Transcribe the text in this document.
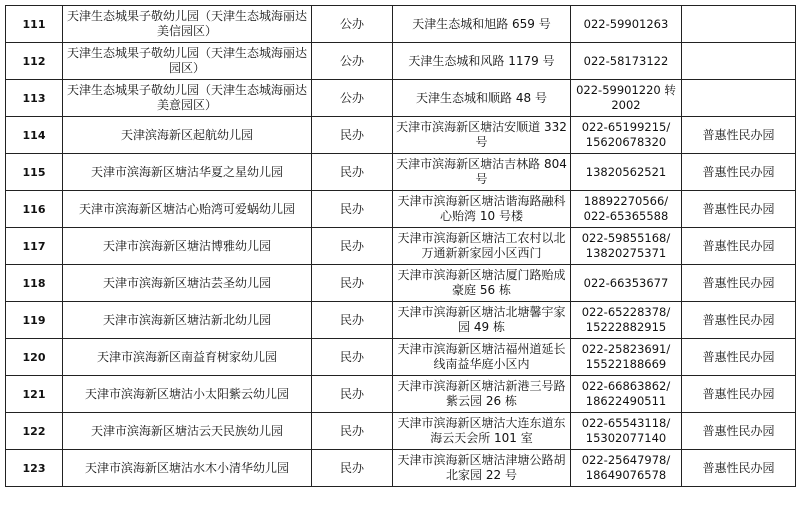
111	天津生态城果子敬幼儿园（天津生态城海丽达美信园区）	公办	天津生态城和旭路 659 号	022-59901263	
112	天津生态城果子敬幼儿园（天津生态城海丽达园区）	公办	天津生态城和风路 1179 号	022-58173122	
113	天津生态城果子敬幼儿园（天津生态城海丽达美意园区）	公办	天津生态城和顺路 48 号	022-59901220 转 2002	
114	天津滨海新区起航幼儿园	民办	天津市滨海新区塘沽安顺道 332 号	022-65199215/ 15620678320	普惠性民办园
115	天津市滨海新区塘沽华夏之星幼儿园	民办	天津市滨海新区塘沽吉林路 804 号	13820562521	普惠性民办园
116	天津市滨海新区塘沽心贻湾可爱蜗幼儿园	民办	天津市滨海新区塘沽谐海路融科心贻湾 10 号楼	18892270566/ 022-65365588	普惠性民办园
117	天津市滨海新区塘沽博雅幼儿园	民办	天津市滨海新区塘沽工农村以北万通新新家园小区西门	022-59855168/ 13820275371	普惠性民办园
118	天津市滨海新区塘沽芸圣幼儿园	民办	天津市滨海新区塘沽厦门路贻成豪庭 56 栋	022-66353677	普惠性民办园
119	天津市滨海新区塘沽新北幼儿园	民办	天津市滨海新区塘沽北塘馨宇家园 49 栋	022-65228378/ 15222882915	普惠性民办园
120	天津市滨海新区南益育树家幼儿园	民办	天津市滨海新区塘沽福州道延长线南益华庭小区内	022-25823691/ 15522188669	普惠性民办园
121	天津市滨海新区塘沽小太阳紫云幼儿园	民办	天津市滨海新区塘沽新港三号路紫云园 26 栋	022-66863862/ 18622490511	普惠性民办园
122	天津市滨海新区塘沽云天民族幼儿园	民办	天津市滨海新区塘沽大连东道东海云天会所 101 室	022-65543118/ 15302077140	普惠性民办园
123	天津市滨海新区塘沽水木小清华幼儿园	民办	天津市滨海新区塘沽津塘公路胡北家园 22 号	022-25647978/ 18649076578	普惠性民办园
